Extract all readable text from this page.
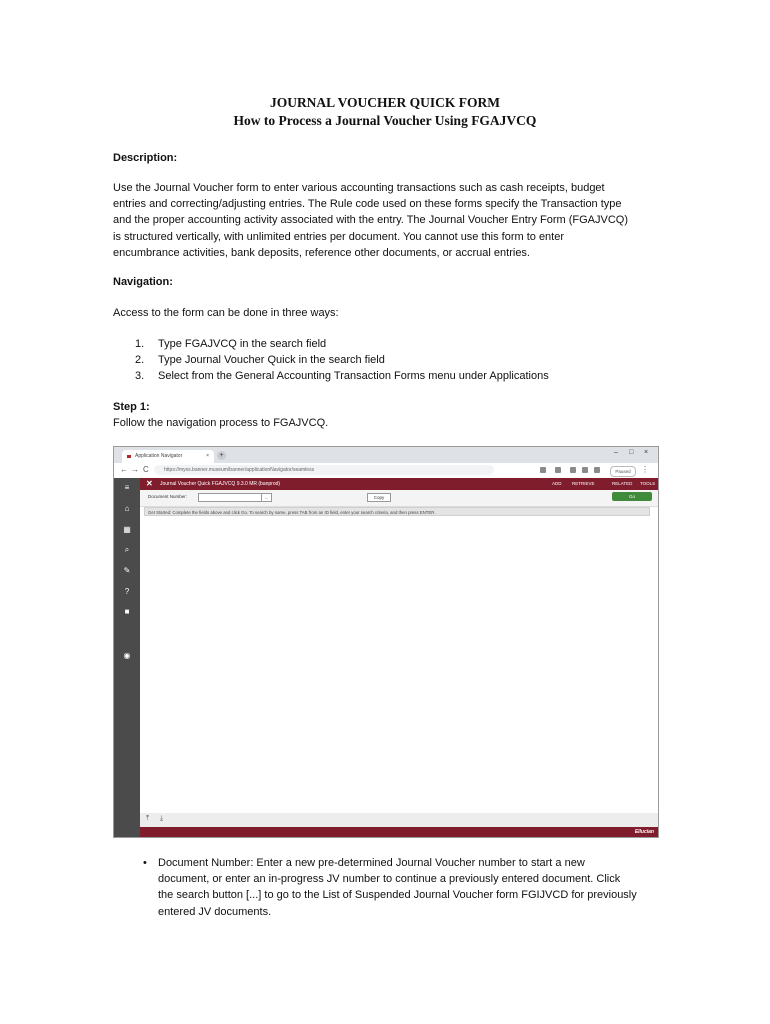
JOURNAL VOUCHER QUICK FORM
How to Process a Journal Voucher Using FGAJVCQ
Description:
Use the Journal Voucher form to enter various accounting transactions such as cash receipts, budget
entries and correcting/adjusting entries. The Rule code used on these forms specify the Transaction type
and the proper accounting activity associated with the entry. The Journal Voucher Entry Form (FGAJVCQ)
is structured vertically, with unlimited entries per document. You cannot use this form to enter
encumbrance activities, bank deposits, reference other documents, or accrual entries.
Navigation:
Access to the form can be done in three ways:
1. Type FGAJVCQ in the search field
2. Type Journal Voucher Quick in the search field
3. Select from the General Accounting Transaction Forms menu under Applications
Step 1:
Follow the navigation process to FGAJVCQ.
Application Navigator	×	+	– □ ×
← → C	https://myss.banner.museum/banner/applicationNavigator/seamless	Paused	⋮
≡
⌂
▦
⌕
✎
?
■
◉
✕ Journal Voucher Quick FGAJVCQ 9.3.0 MR (banprod)	ADD RETRIEVE	RELATED TOOLS
Document Number:	...	Copy	Go
Get Started: Complete the fields above and click Go. To search by name, press TAB from an ID field, enter your search criteria, and then press ENTER.
⤒ ⤓
Ellucian
•	Document Number: Enter a new pre-determined Journal Voucher number to start a new
document, or enter an in-progress JV number to continue a previously entered document. Click
the search button [...] to go to the List of Suspended Journal Voucher form FGIJVCD for previously
entered JV documents.
